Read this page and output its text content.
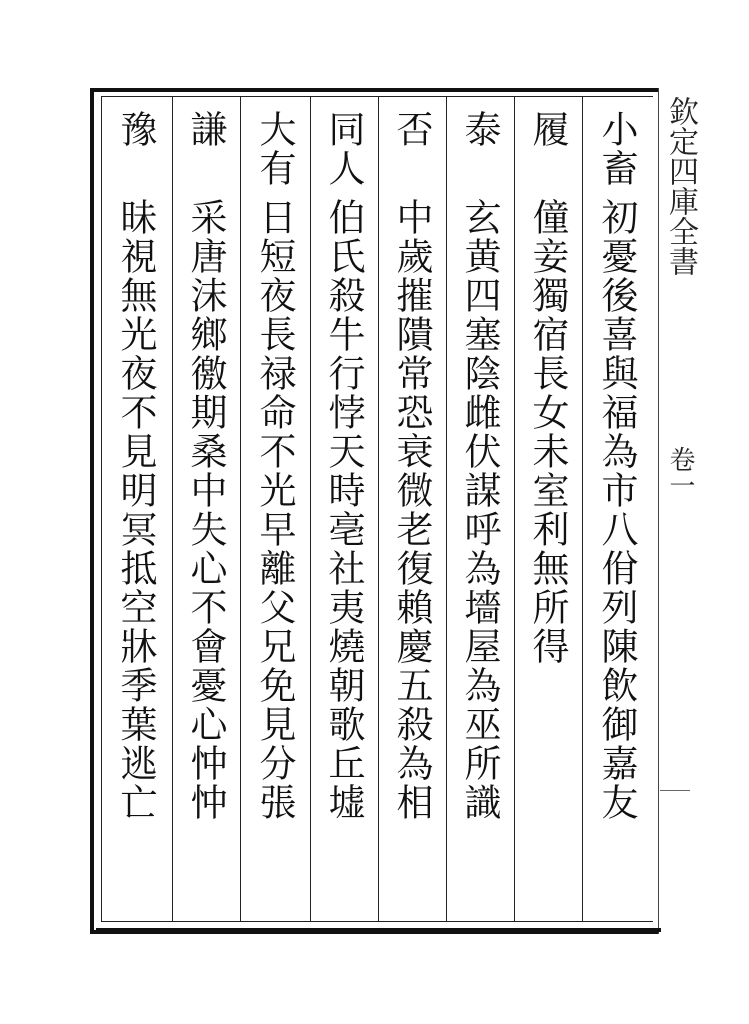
小畜
初憂後喜與福為市八佾列陳飲御嘉友
履
僮妾獨宿長女未室利無所得
泰
玄黄四塞陰雌伏謀呼為墻屋為巫所識
否
中歲摧隤常恐衰微老復賴慶五殺為相
同人
伯氏殺牛行悖天時亳社夷燒朝歌丘墟
大有
日短夜長禄命不光早離父兄免見分張
謙
采唐沫鄉徼期桑中失心不會憂心忡忡
豫
昧視無光夜不見明冥抵空牀季葉逃亡
欽定四庫全書
卷一
